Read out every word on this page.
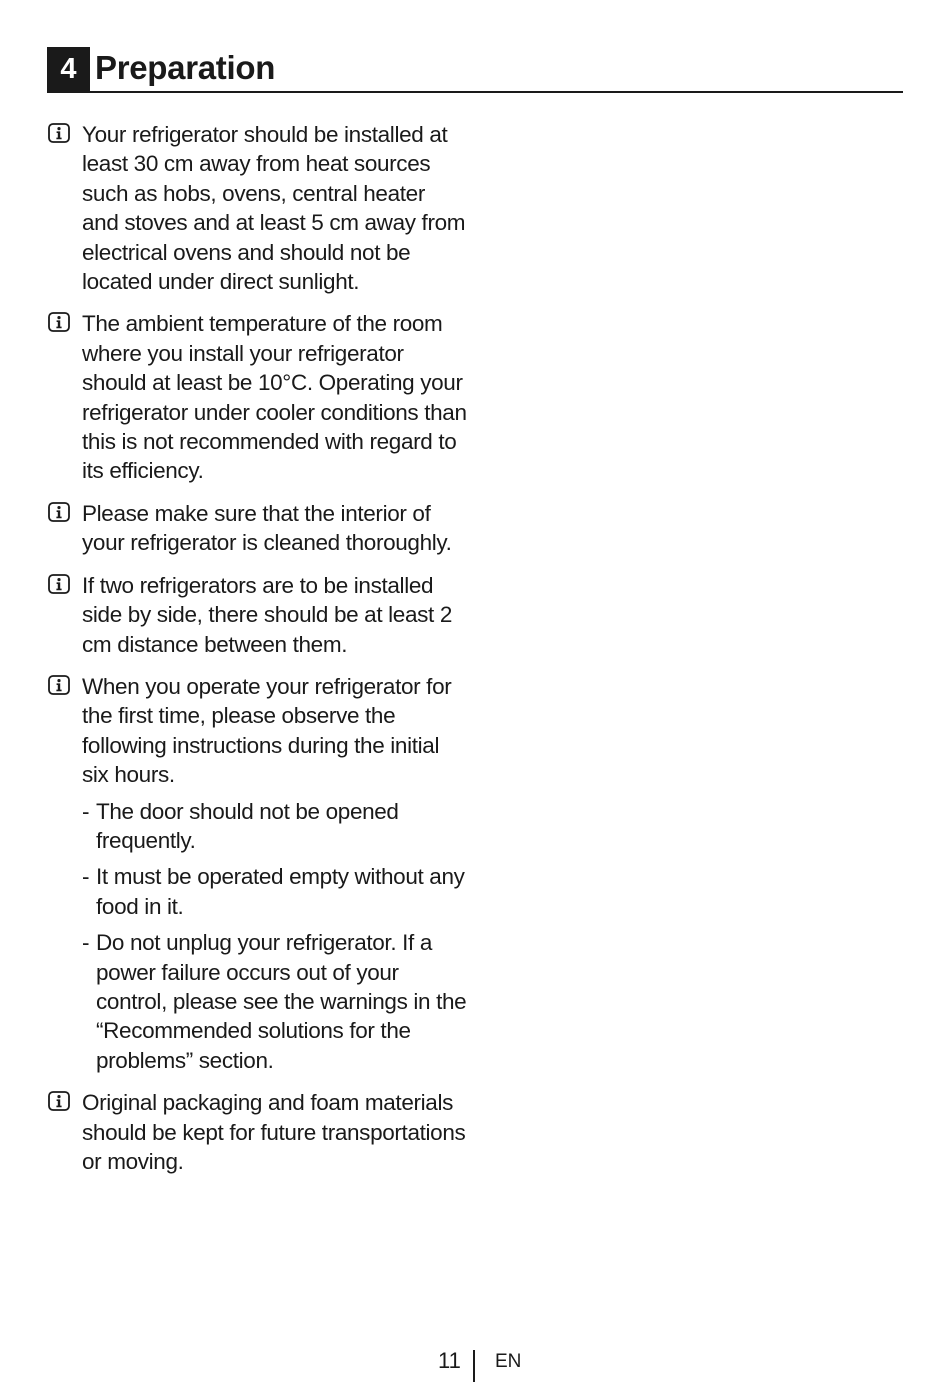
4 Preparation
Your refrigerator should be installed at least 30 cm away from heat sources such as hobs, ovens, central heater and stoves and at least 5 cm away from electrical ovens and should not be located under direct sunlight.
The ambient temperature of the room where you install your refrigerator should at least be 10°C. Operating your refrigerator under cooler conditions than this is not recommended with regard to its efficiency.
Please make sure that the interior of your refrigerator is cleaned thoroughly.
If two refrigerators are to be installed side by side, there should be at least 2 cm distance between them.
When you operate your refrigerator for the first time, please observe the following instructions during the initial six hours.
- The door should not be opened frequently.
- It must be operated empty without any food in it.
- Do not unplug your refrigerator. If a power failure occurs out of your control, please see the warnings in the “Recommended solutions for the problems” section.
Original packaging and foam materials should be kept for future transportations or moving.
11 EN
